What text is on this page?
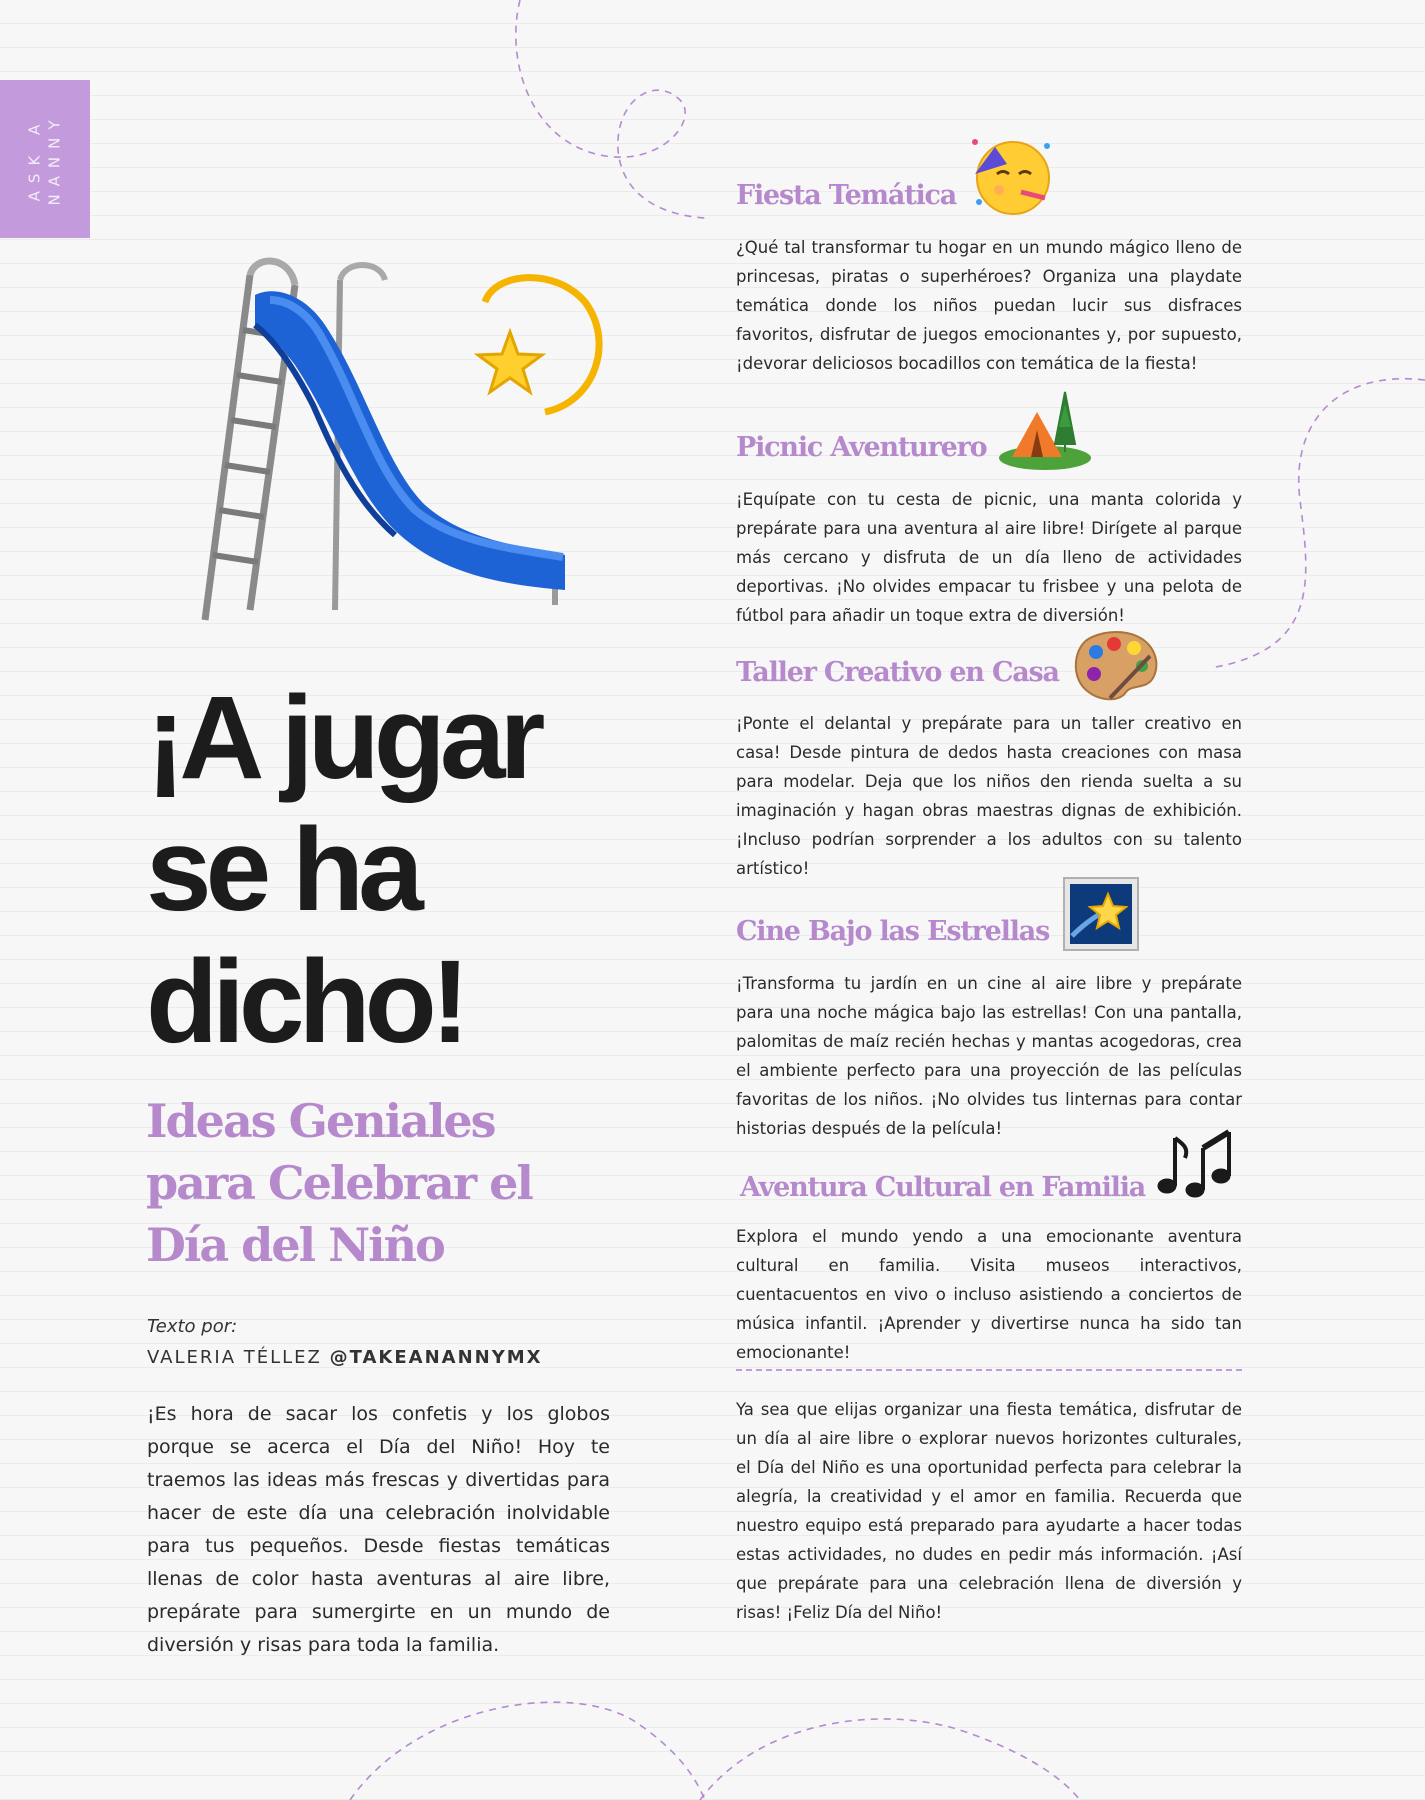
ASK A NANNY
¡A jugar
se ha
dicho!
Ideas Geniales
para Celebrar el
Día del Niño
Texto por:
VALERIA TÉLLEZ @TAKEANANNYMX

¡Es hora de sacar los confetis y los globos porque se acerca el Día del Niño! Hoy te traemos las ideas más frescas y divertidas para hacer de este día una celebración inolvidable para tus pequeños. Desde fiestas temáticas llenas de color hasta aventuras al aire libre, prepárate para sumergirte en un mundo de diversión y risas para toda la familia.

Fiesta Temática

¿Qué tal transformar tu hogar en un mundo mágico lleno de princesas, piratas o superhéroes? Organiza una playdate temática donde los niños puedan lucir sus disfraces favoritos, disfrutar de juegos emocionantes y, por supuesto, ¡devorar deliciosos bocadillos con temática de la fiesta!

Picnic Aventurero

¡Equípate con tu cesta de picnic, una manta colorida y prepárate para una aventura al aire libre! Dirígete al parque más cercano y disfruta de un día lleno de actividades deportivas. ¡No olvides empacar tu frisbee y una pelota de fútbol para añadir un toque extra de diversión!

Taller Creativo en Casa

¡Ponte el delantal y prepárate para un taller creativo en casa! Desde pintura de dedos hasta creaciones con masa para modelar. Deja que los niños den rienda suelta a su imaginación y hagan obras maestras dignas de exhibición. ¡Incluso podrían sorprender a los adultos con su talento artístico!

Cine Bajo las Estrellas

¡Transforma tu jardín en un cine al aire libre y prepárate para una noche mágica bajo las estrellas! Con una pantalla, palomitas de maíz recién hechas y mantas acogedoras, crea el ambiente perfecto para una proyección de las películas favoritas de los niños. ¡No olvides tus linternas para contar historias después de la película!

Aventura Cultural en Familia

Explora el mundo yendo a una emocionante aventura cultural en familia. Visita museos interactivos, cuentacuentos en vivo o incluso asistiendo a conciertos de música infantil. ¡Aprender y divertirse nunca ha sido tan emocionante!

Ya sea que elijas organizar una fiesta temática, disfrutar de un día al aire libre o explorar nuevos horizontes culturales, el Día del Niño es una oportunidad perfecta para celebrar la alegría, la creatividad y el amor en familia. Recuerda que nuestro equipo está preparado para ayudarte a hacer todas estas actividades, no dudes en pedir más información. ¡Así que prepárate para una celebración llena de diversión y risas! ¡Feliz Día del Niño!
